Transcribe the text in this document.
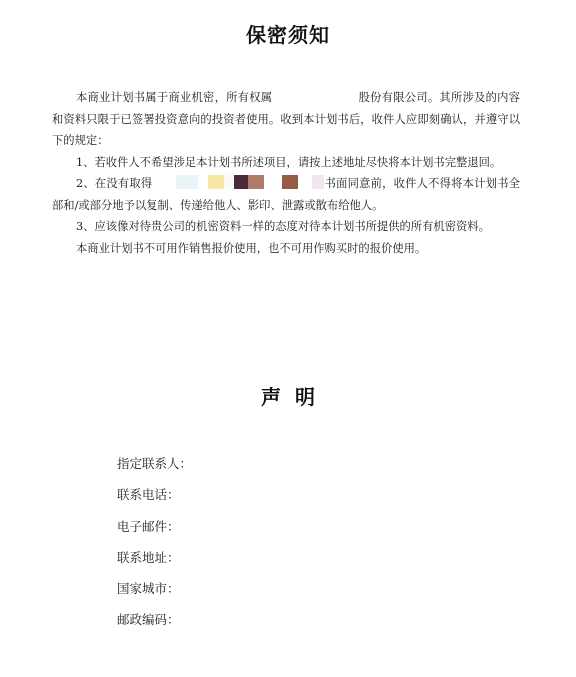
保密须知

本商业计划书属于商业机密，所有权属	股份有限公司。其所涉及的内容和资料只限于已签署投资意向的投资者使用。收到本计划书后，收件人应即刻确认，并遵守以下的规定：

1、若收件人不希望涉足本计划书所述项目，请按上述地址尽快将本计划书完整退回。

2、在没有取得	书面同意前，收件人不得将本计划书全部和/或部分地予以复制、传递给他人、影印、泄露或散布给他人。

3、应该像对待贵公司的机密资料一样的态度对待本计划书所提供的所有机密资料。

本商业计划书不可用作销售报价使用，也不可用作购买时的报价使用。

声明
指定联系人：
联系电话：
电子邮件：
联系地址：
国家城市：
邮政编码：
